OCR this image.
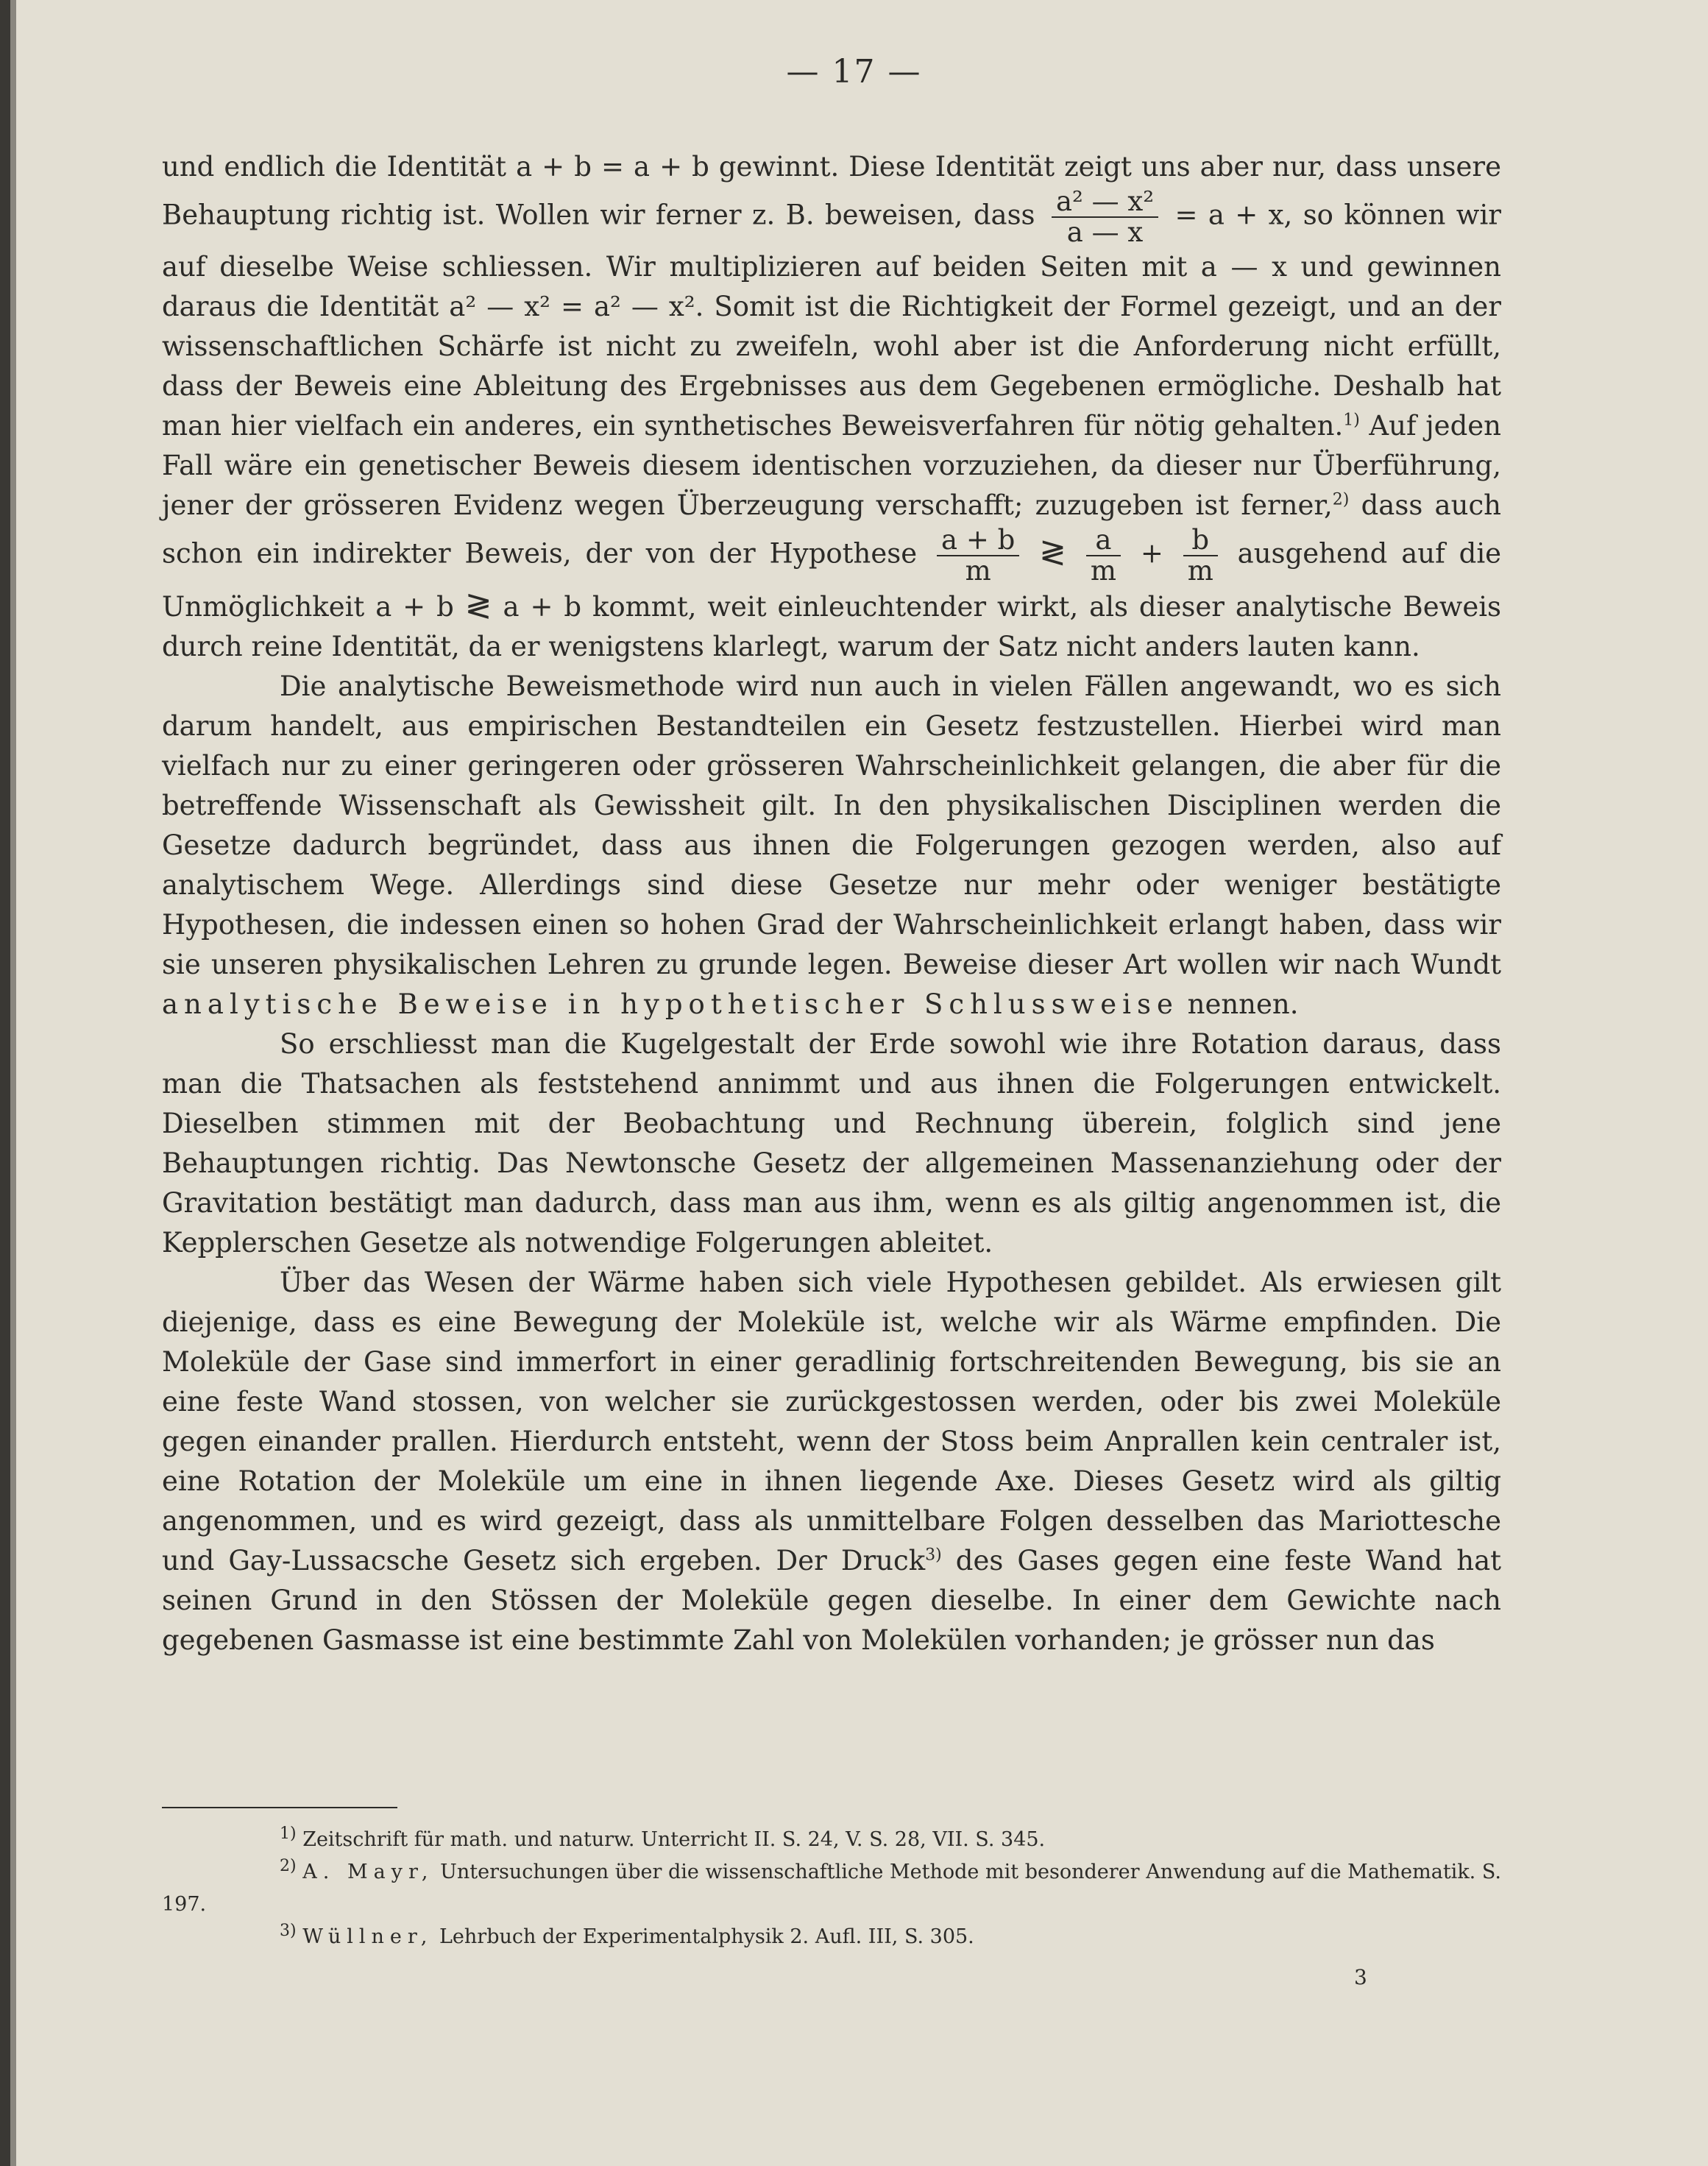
— 17 —

und endlich die Identität a + b = a + b gewinnt. Diese Identität zeigt uns aber nur, dass unsere Behauptung richtig ist. Wollen wir ferner z. B. beweisen, dass $\frac{\text{a² — x²}}{a — x} = a + x$, so können wir auf dieselbe Weise schliessen. Wir multiplizieren auf beiden Seiten mit a — x und gewinnen daraus die Identität a² — x² = a² — x². Somit ist die Richtigkeit der Formel gezeigt, und an der wissenschaftlichen Schärfe ist nicht zu zweifeln, wohl aber ist die Anforderung nicht erfüllt, dass der Beweis eine Ableitung des Ergebnisses aus dem Gegebenen ermögliche. Deshalb hat man hier vielfach ein anderes, ein synthetisches Beweisverfahren für nötig gehalten.$^{1)}$ Auf jeden Fall wäre ein genetischer Beweis diesem identischen vorzuziehen, da dieser nur Überführung, jener der grösseren Evidenz wegen Überzeugung verschafft; zuzugeben ist ferner,$^{2)}$ dass auch schon ein indirekter Beweis, der von der Hypothese $\frac{a + b}{m}$ ≷ $\frac{a}{m} + \frac{b}{m}$ ausgehend auf die Unmöglichkeit a + b ≷ a + b kommt, weit einleuchtender wirkt, als dieser analytische Beweis durch reine Identität, da er wenigstens klarlegt, warum der Satz nicht anders lauten kann.

Die analytische Beweismethode wird nun auch in vielen Fällen angewandt, wo es sich darum handelt, aus empirischen Bestandteilen ein Gesetz festzustellen. Hierbei wird man vielfach nur zu einer geringeren oder grösseren Wahrscheinlichkeit gelangen, die aber für die betreffende Wissenschaft als Gewissheit gilt. In den physikalischen Disciplinen werden die Gesetze dadurch begründet, dass aus ihnen die Folgerungen gezogen werden, also auf analytischem Wege. Allerdings sind diese Gesetze nur mehr oder weniger bestätigte Hypothesen, die indessen einen so hohen Grad der Wahrscheinlichkeit erlangt haben, dass wir sie unseren physikalischen Lehren zu grunde legen. Beweise dieser Art wollen wir nach Wundt analytische Beweise in hypothetischer Schlussweise nennen.

So erschliesst man die Kugelgestalt der Erde sowohl wie ihre Rotation daraus, dass man die Thatsachen als feststehend annimmt und aus ihnen die Folgerungen entwickelt. Dieselben stimmen mit der Beobachtung und Rechnung überein, folglich sind jene Behauptungen richtig. Das Newtonsche Gesetz der allgemeinen Massenanziehung oder der Gravitation bestätigt man dadurch, dass man aus ihm, wenn es als giltig angenommen ist, die Kepplerschen Gesetze als notwendige Folgerungen ableitet.

Über das Wesen der Wärme haben sich viele Hypothesen gebildet. Als erwiesen gilt diejenige, dass es eine Bewegung der Moleküle ist, welche wir als Wärme empfinden. Die Moleküle der Gase sind immerfort in einer geradlinig fortschreitenden Bewegung, bis sie an eine feste Wand stossen, von welcher sie zurückgestossen werden, oder bis zwei Moleküle gegen einander prallen. Hierdurch entsteht, wenn der Stoss beim Anprallen kein centraler ist, eine Rotation der Moleküle um eine in ihnen liegende Axe. Dieses Gesetz wird als giltig angenommen, und es wird gezeigt, dass als unmittelbare Folgen desselben das Mariottesche und Gay-Lussacsche Gesetz sich ergeben. Der Druck$^{3)}$ des Gases gegen eine feste Wand hat seinen Grund in den Stössen der Moleküle gegen dieselbe. In einer dem Gewichte nach gegebenen Gasmasse ist eine bestimmte Zahl von Molekülen vorhanden; je grösser nun das

$^{1)}$ Zeitschrift für math. und naturw. Unterricht II. S. 24, V. S. 28, VII. S. 345.

$^{2)}$ A. Mayr, Untersuchungen über die wissenschaftliche Methode mit besonderer Anwendung auf die Mathematik. S. 197.

$^{3)}$ Wüllner, Lehrbuch der Experimentalphysik 2. Aufl. III, S. 305.

3
